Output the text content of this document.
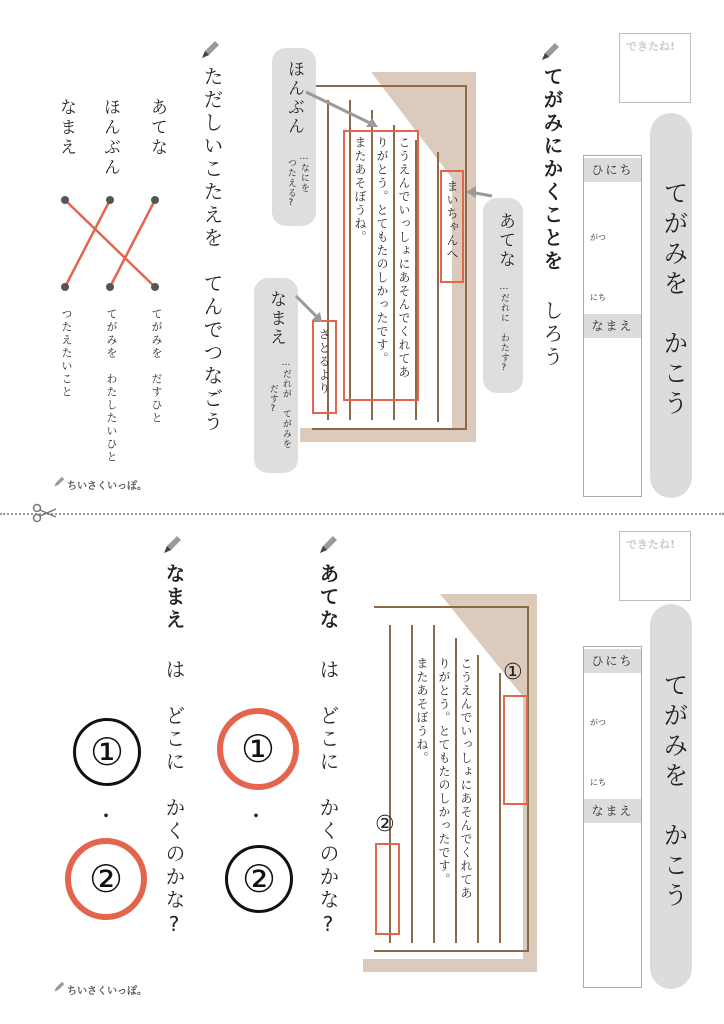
できたね!
てがみを　かこう
ひにち
がつ
にち
なまえ
てがみにかくことを しろう
まいちゃんへ
こうえんでいっしょにあそんでくれてあ
りがとう。とてもたのしかったです。
またあそぼうね。
さとるより
あてな
…だれに　わたす?
ほんぶん
…なにを
つたえる?
なまえ
…だれが　てがみを
だす?
ただしいこたえを　てんでつなごう
あてな
ほんぶん
なまえ
てがみを　だすひと
てがみを　わたしたいひと
つたえたいこと
ちいさくいっぽ。
できたね!
てがみを　かこう
ひにち
がつ
にち
なまえ
こうえんでいっしょにあそんでくれてあ
りがとう。とてもたのしかったです。
またあそぼうね。	①
②
あてな は　どこに　かくのかな?
なまえ は　どこに　かくのかな? ①
・
②
①
・
②
ちいさくいっぽ。
